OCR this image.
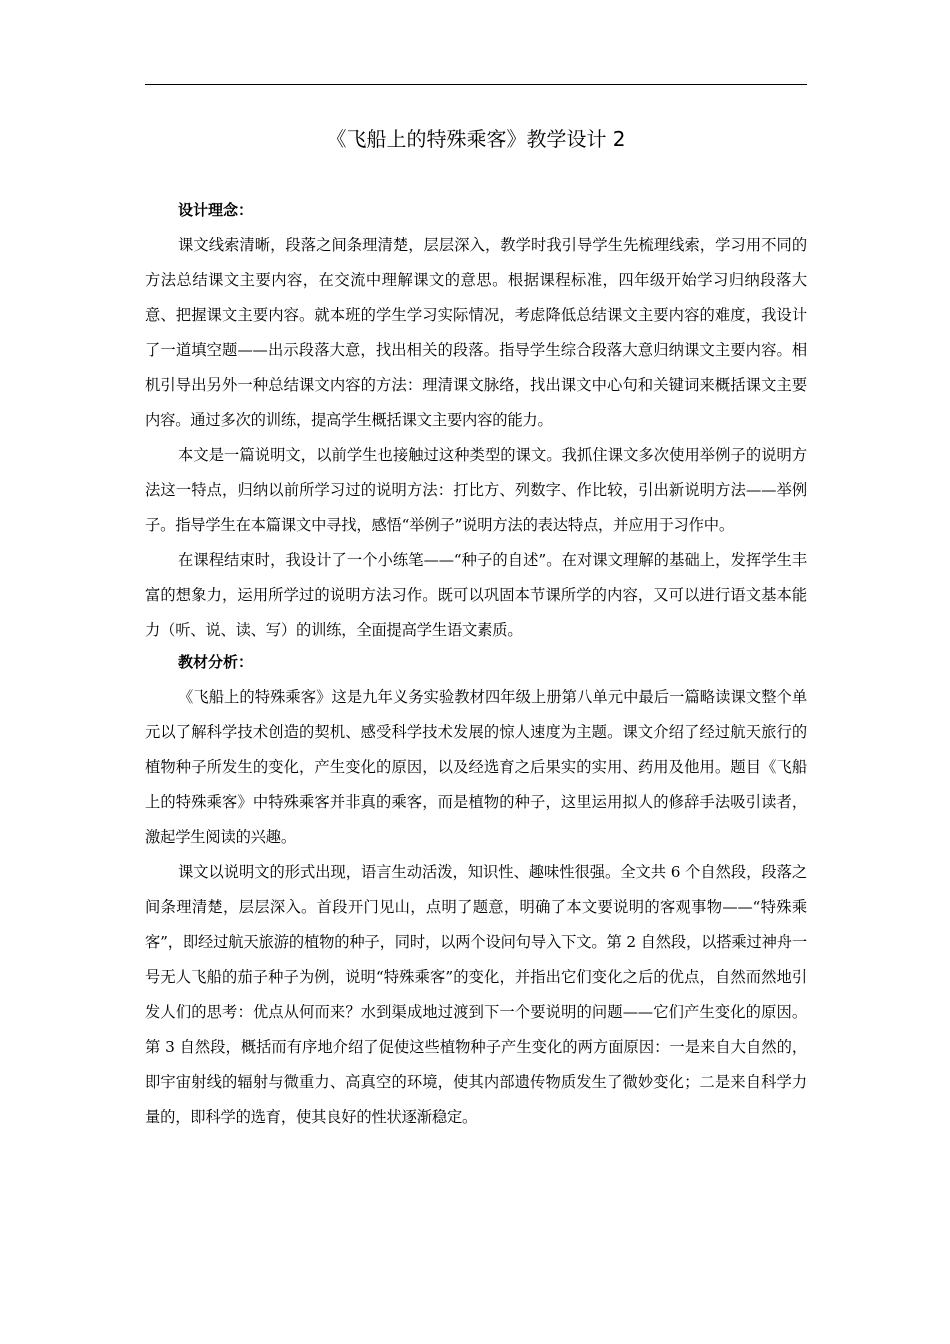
《飞船上的特殊乘客》教学设计 2
设计理念：

课文线索清晰，段落之间条理清楚，层层深入，教学时我引导学生先梳理线索，学习用不同的方法总结课文主要内容，在交流中理解课文的意思。根据课程标准，四年级开始学习归纳段落大意、把握课文主要内容。就本班的学生学习实际情况，考虑降低总结课文主要内容的难度，我设计了一道填空题——出示段落大意，找出相关的段落。指导学生综合段落大意归纳课文主要内容。相机引导出另外一种总结课文内容的方法：理清课文脉络，找出课文中心句和关键词来概括课文主要内容。通过多次的训练，提高学生概括课文主要内容的能力。

本文是一篇说明文，以前学生也接触过这种类型的课文。我抓住课文多次使用举例子的说明方法这一特点，归纳以前所学习过的说明方法：打比方、列数字、作比较，引出新说明方法——举例子。指导学生在本篇课文中寻找，感悟“举例子”说明方法的表达特点，并应用于习作中。

在课程结束时，我设计了一个小练笔——“种子的自述”。在对课文理解的基础上，发挥学生丰富的想象力，运用所学过的说明方法习作。既可以巩固本节课所学的内容，又可以进行语文基本能力（听、说、读、写）的训练，全面提高学生语文素质。

教材分析：

《飞船上的特殊乘客》这是九年义务实验教材四年级上册第八单元中最后一篇略读课文整个单元以了解科学技术创造的契机、感受科学技术发展的惊人速度为主题。课文介绍了经过航天旅行的植物种子所发生的变化，产生变化的原因，以及经选育之后果实的实用、药用及他用。题目《飞船上的特殊乘客》中特殊乘客并非真的乘客，而是植物的种子，这里运用拟人的修辞手法吸引读者，激起学生阅读的兴趣。

课文以说明文的形式出现，语言生动活泼，知识性、趣味性很强。全文共 6 个自然段，段落之间条理清楚，层层深入。首段开门见山，点明了题意，明确了本文要说明的客观事物——“特殊乘客”，即经过航天旅游的植物的种子，同时，以两个设问句导入下文。第 2 自然段，以搭乘过神舟一号无人飞船的茄子种子为例，说明“特殊乘客”的变化，并指出它们变化之后的优点，自然而然地引发人们的思考：优点从何而来？水到渠成地过渡到下一个要说明的问题——它们产生变化的原因。第 3 自然段，概括而有序地介绍了促使这些植物种子产生变化的两方面原因：一是来自大自然的，即宇宙射线的辐射与微重力、高真空的环境，使其内部遗传物质发生了微妙变化；二是来自科学力量的，即科学的选育，使其良好的性状逐渐稳定。
